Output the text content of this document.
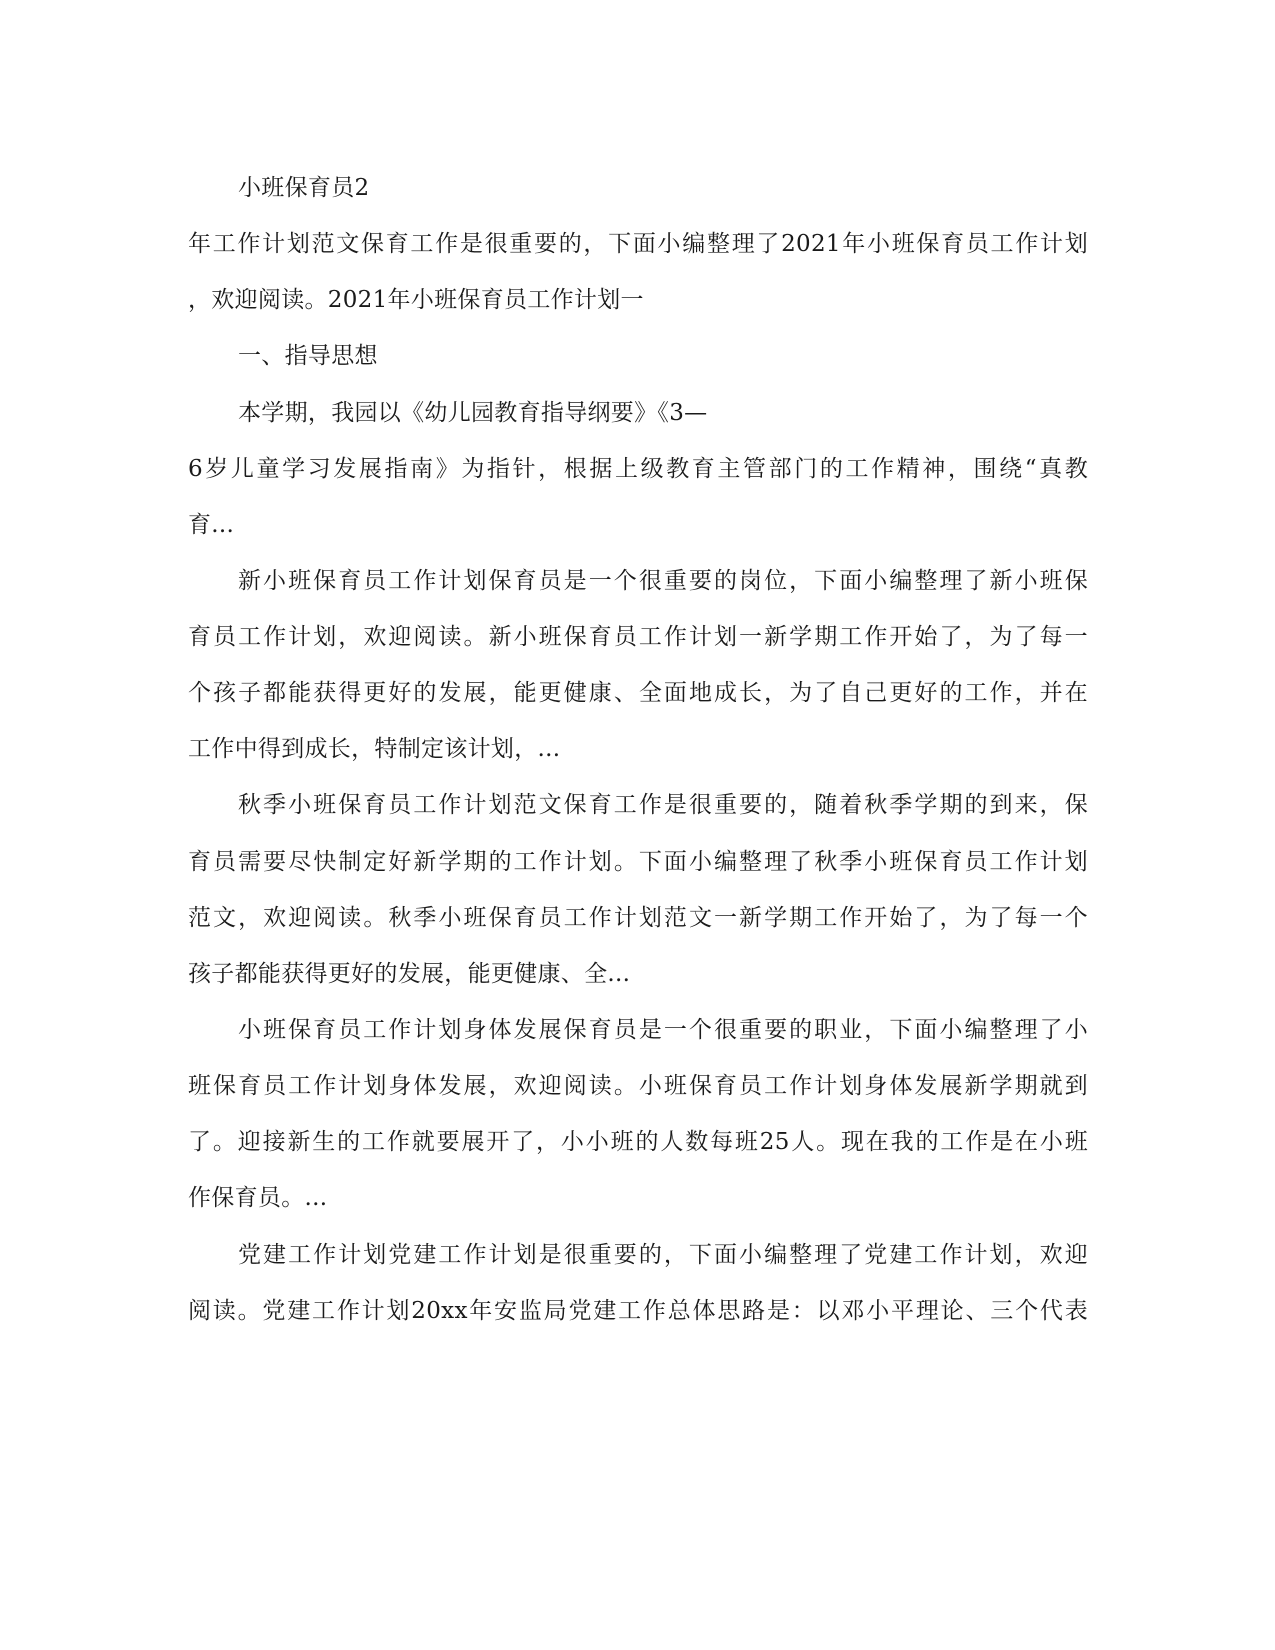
小班保育员2
年工作计划范文保育工作是很重要的，下面小编整理了2021年小班保育员工作计划
，欢迎阅读。2021年小班保育员工作计划一
一、指导思想
本学期，我园以《幼儿园教育指导纲要》《3—
6岁儿童学习发展指南》为指针，根据上级教育主管部门的工作精神，围绕“真教
育...
新小班保育员工作计划保育员是一个很重要的岗位，下面小编整理了新小班保
育员工作计划，欢迎阅读。新小班保育员工作计划一新学期工作开始了，为了每一
个孩子都能获得更好的发展，能更健康、全面地成长，为了自己更好的工作，并在
工作中得到成长，特制定该计划，...
秋季小班保育员工作计划范文保育工作是很重要的，随着秋季学期的到来，保
育员需要尽快制定好新学期的工作计划。下面小编整理了秋季小班保育员工作计划
范文，欢迎阅读。秋季小班保育员工作计划范文一新学期工作开始了，为了每一个
孩子都能获得更好的发展，能更健康、全...
小班保育员工作计划身体发展保育员是一个很重要的职业，下面小编整理了小
班保育员工作计划身体发展，欢迎阅读。小班保育员工作计划身体发展新学期就到
了。迎接新生的工作就要展开了，小小班的人数每班25人。现在我的工作是在小班
作保育员。...
党建工作计划党建工作计划是很重要的，下面小编整理了党建工作计划，欢迎
阅读。党建工作计划20xx年安监局党建工作总体思路是：以邓小平理论、三个代表
